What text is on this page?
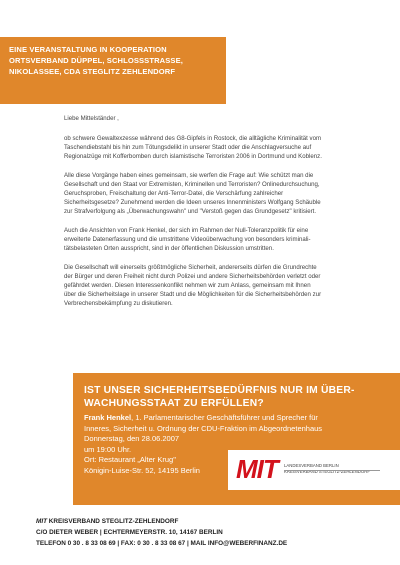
EINE VERANSTALTUNG IN KOOPERATION
ORTSVERBAND DÜPPEL, SCHLOSSSTRASSE,
NIKOLASSEE, CDA STEGLITZ ZEHLENDORF

Liebe Mittelständer ,

ob schwere Gewaltexzesse während des G8-Gipfels in Rostock, die alltägliche Kriminalität vom
Taschendiebstahl bis hin zum Tötungsdelikt in unserer Stadt oder die Anschlagversuche auf
Regionalzüge mit Kofferbomben durch islamistische Terroristen 2006 in Dortmund und Koblenz.

Alle diese Vorgänge haben eines gemeinsam, sie werfen die Frage auf: Wie schützt man die
Gesellschaft und den Staat vor Extremisten, Kriminellen und Terroristen? Onlinedurchsuchung,
Geruchsproben, Freischaltung der Anti-Terror-Datei, die Verschärfung zahlreicher
Sicherheitsgesetze? Zunehmend werden die Ideen unseres Innenministers Wolfgang Schäuble
zur Strafverfolgung als „Überwachungswahn" und "Verstoß gegen das Grundgesetz" kritisiert.

Auch die Ansichten von Frank Henkel, der sich im Rahmen der Null-Toleranzpolitik für eine
erweiterte Datenerfassung und die umstrittene Videoüberwachung von besonders kriminali-
tätsbelasteten Orten ausspricht, sind in der öffentlichen Diskussion umstritten.

Die Gesellschaft will einerseits größtmögliche Sicherheit, andererseits dürfen die Grundrechte
der Bürger und deren Freiheit nicht durch Polizei und andere Sicherheitsbehörden verletzt oder
gefährdet werden. Diesen Interessenkonflikt nehmen wir zum Anlass, gemeinsam mit Ihnen
über die Sicherheitslage in unserer Stadt und die Möglichkeiten für die Sicherheitsbehörden zur
Verbrechensbekämpfung zu diskutieren.

IST UNSER SICHERHEITSBEDÜRFNIS NUR IM ÜBER-
WACHUNGSSTAAT ZU ERFÜLLEN?
Frank Henkel, 1. Parlamentarischer Geschäftsführer und Sprecher für
Inneres, Sicherheit u. Ordnung der CDU-Fraktion im Abgeordnetenhaus
Donnerstag, den 28.06.2007
um 19:00 Uhr.
Ort: Restaurant „Alter Krug"
Königin-Luise-Str. 52, 14195 Berlin	MIT LANDESVERBAND BERLIN
KREISVERBAND STEGLITZ-ZEHLENDORF
MIT KREISVERBAND STEGLITZ-ZEHLENDORF
C/O DIETER WEBER | ECHTERMEYERSTR. 10, 14167 BERLIN
TELEFON 0 30 . 8 33 08 69 | FAX: 0 30 . 8 33 08 67 | MAIL INFO@WEBERFINANZ.DE
